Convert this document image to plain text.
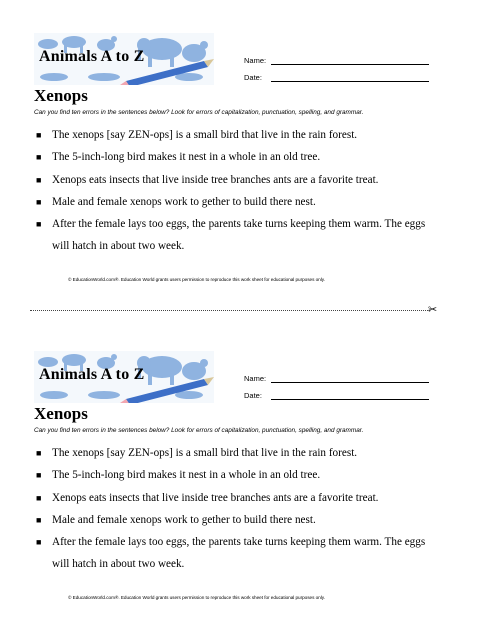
Animals A to Z	Name:
Date:
Xenops
Can you find ten errors in the sentences below? Look for errors of capitalization, punctuation, spelling, and grammar.
■ The xenops [say ZEN-ops] is a small bird that live in the rain forest.
■ The 5-inch-long bird makes it nest in a whole in an old tree.
■ Xenops eats insects that live inside tree branches ants are a favorite treat.
■ Male and female xenops work to gether to build there nest.
■ After the female lays too eggs, the parents take turns keeping them warm. The eggs will hatch in about two week.
© EducationWorld.com®. Education World grants users permission to reproduce this work sheet for educational purposes only.
✂
Animals A to Z	Name:
Date:
Xenops
Can you find ten errors in the sentences below? Look for errors of capitalization, punctuation, spelling, and grammar.
■ The xenops [say ZEN-ops] is a small bird that live in the rain forest.
■ The 5-inch-long bird makes it nest in a whole in an old tree.
■ Xenops eats insects that live inside tree branches ants are a favorite treat.
■ Male and female xenops work to gether to build there nest.
■ After the female lays too eggs, the parents take turns keeping them warm. The eggs will hatch in about two week.
© EducationWorld.com®. Education World grants users permission to reproduce this work sheet for educational purposes only.
